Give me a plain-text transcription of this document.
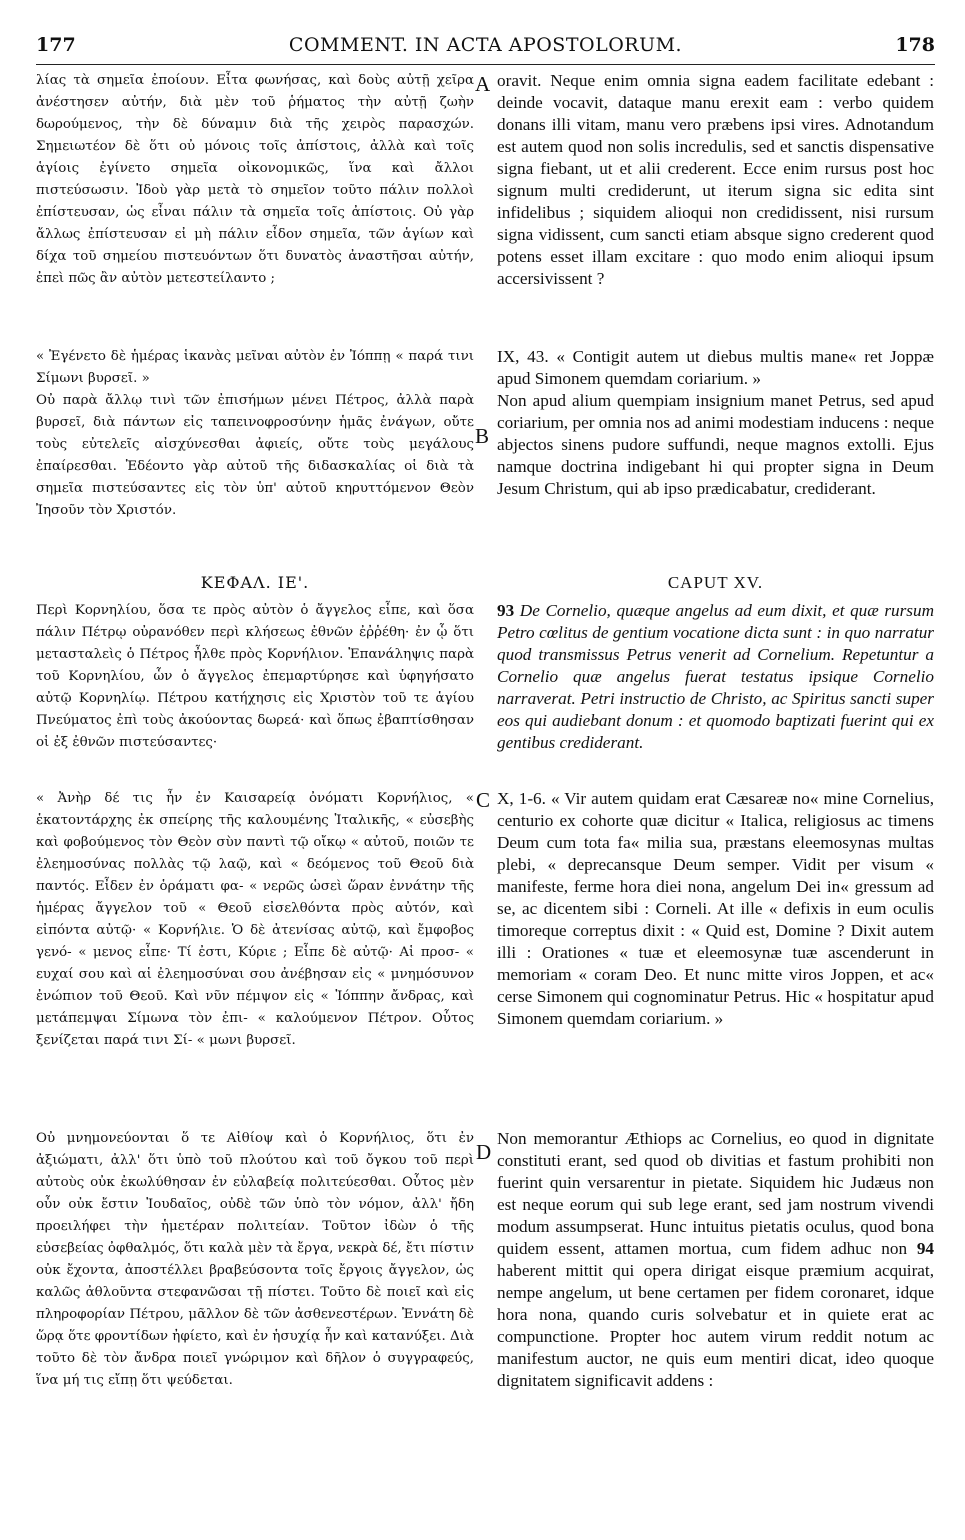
177	COMMENT. IN ACTA APOSTOLORUM.	178
A
B
C
D

λίας τὰ σημεῖα ἐποίουν. Εἶτα φωνήσας, καὶ δοὺς αὐτῇ χεῖρα ἀνέστησεν αὐτήν, διὰ μὲν τοῦ ῥήματος τὴν αὐτῇ ζωὴν δωρούμενος, τὴν δὲ δύναμιν διὰ τῆς χειρὸς παρασχών. Σημειωτέον δὲ ὅτι οὐ μόνοις τοῖς ἀπίστοις, ἀλλὰ καὶ τοῖς ἁγίοις ἐγίνετο σημεῖα οἰκονομικῶς, ἵνα καὶ ἄλλοι πιστεύσωσιν. Ἰδοὺ γὰρ μετὰ τὸ σημεῖον τοῦτο πάλιν πολλοὶ ἐπίστευσαν, ὡς εἶναι πάλιν τὰ σημεῖα τοῖς ἀπίστοις. Οὐ γὰρ ἄλλως ἐπίστευσαν εἰ μὴ πάλιν εἶδον σημεῖα, τῶν ἁγίων καὶ δίχα τοῦ σημείου πιστευόντων ὅτι δυνατὸς ἀναστῆσαι αὐτήν, ἐπεὶ πῶς ἂν αὐτὸν μετεστείλαντο ;

« Ἐγένετο δὲ ἡμέρας ἱκανὰς μεῖναι αὐτὸν ἐν Ἰόππῃ « παρά τινι Σίμωνι βυρσεῖ. »

Οὐ παρὰ ἄλλῳ τινὶ τῶν ἐπισήμων μένει Πέτρος, ἀλλὰ παρὰ βυρσεῖ, διὰ πάντων εἰς ταπεινοφροσύνην ἡμᾶς ἐνάγων, οὔτε τοὺς εὐτελεῖς αἰσχύνεσθαι ἀφιείς, οὔτε τοὺς μεγάλους ἐπαίρεσθαι. Ἐδέοντο γὰρ αὐτοῦ τῆς διδασκαλίας οἱ διὰ τὰ σημεῖα πιστεύσαντες εἰς τὸν ὑπ' αὐτοῦ κηρυττόμενον Θεὸν Ἰησοῦν τὸν Χριστόν.

ΚΕΦΑΛ. ΙΕ'.

Περὶ Κορνηλίου, ὅσα τε πρὸς αὐτὸν ὁ ἄγγελος εἶπε, καὶ ὅσα πάλιν Πέτρῳ οὐρανόθεν περὶ κλήσεως ἐθνῶν ἐῤῥέθη· ἐν ᾧ ὅτι μετασταλεὶς ὁ Πέτρος ἦλθε πρὸς Κορνήλιον. Ἐπανάληψις παρὰ τοῦ Κορνηλίου, ὧν ὁ ἄγγελος ἐπεμαρτύρησε καὶ ὑφηγήσατο αὐτῷ Κορνηλίῳ. Πέτρου κατήχησις εἰς Χριστὸν τοῦ τε ἁγίου Πνεύματος ἐπὶ τοὺς ἀκούοντας δωρεά· καὶ ὅπως ἐβαπτίσθησαν οἱ ἐξ ἐθνῶν πιστεύσαντες·

« Ἀνὴρ δέ τις ἦν ἐν Καισαρείᾳ ὀνόματι Κορνήλιος, « ἑκατοντάρχης ἐκ σπείρης τῆς καλουμένης Ἰταλικῆς, « εὐσεβὴς καὶ φοβούμενος τὸν Θεὸν σὺν παντὶ τῷ οἴκῳ « αὐτοῦ, ποιῶν τε ἐλεημοσύνας πολλὰς τῷ λαῷ, καὶ « δεόμενος τοῦ Θεοῦ διὰ παντός. Εἶδεν ἐν ὁράματι φα- « νερῶς ὡσεὶ ὥραν ἐννάτην τῆς ἡμέρας ἄγγελον τοῦ « Θεοῦ εἰσελθόντα πρὸς αὐτόν, καὶ εἰπόντα αὐτῷ· « Κορνήλιε. Ὁ δὲ ἀτενίσας αὐτῷ, καὶ ἔμφοβος γενό- « μενος εἶπε· Τί ἐστι, Κύριε ; Εἶπε δὲ αὐτῷ· Αἱ προσ- « ευχαί σου καὶ αἱ ἐλεημοσύναι σου ἀνέβησαν εἰς « μνημόσυνον ἐνώπιον τοῦ Θεοῦ. Καὶ νῦν πέμψον εἰς « Ἰόππην ἄνδρας, καὶ μετάπεμψαι Σίμωνα τὸν ἐπι- « καλούμενον Πέτρον. Οὗτος ξενίζεται παρά τινι Σί- « μωνι βυρσεῖ.

Οὐ μνημονεύονται ὅ τε Αἰθίοψ καὶ ὁ Κορνήλιος, ὅτι ἐν ἀξιώματι, ἀλλ' ὅτι ὑπὸ τοῦ πλούτου καὶ τοῦ ὄγκου τοῦ περὶ αὐτοὺς οὐκ ἐκωλύθησαν ἐν εὐλαβείᾳ πολιτεύεσθαι. Οὗτος μὲν οὖν οὐκ ἔστιν Ἰουδαῖος, οὐδὲ τῶν ὑπὸ τὸν νόμον, ἀλλ' ἤδη προειλήφει τὴν ἡμετέραν πολιτείαν. Τοῦτον ἰδὼν ὁ τῆς εὐσεβείας ὀφθαλμός, ὅτι καλὰ μὲν τὰ ἔργα, νεκρὰ δέ, ἔτι πίστιν οὐκ ἔχοντα, ἀποστέλλει βραβεύσοντα τοῖς ἔργοις ἄγγελον, ὡς καλῶς ἀθλοῦντα στεφανῶσαι τῇ πίστει. Τοῦτο δὲ ποιεῖ καὶ εἰς πληροφορίαν Πέτρου, μᾶλλον δὲ τῶν ἀσθενεστέρων. Ἐννάτη δὲ ὥρᾳ ὅτε φροντίδων ἠφίετο, καὶ ἐν ἡσυχίᾳ ἦν καὶ κατανύξει. Διὰ τοῦτο δὲ τὸν ἄνδρα ποιεῖ γνώριμον καὶ δῆλον ὁ συγγραφεύς, ἵνα μή τις εἴπῃ ὅτι ψεύδεται.

oravit. Neque enim omnia signa eadem facilitate edebant : deinde vocavit, dataque manu erexit eam : verbo quidem donans illi vitam, manu vero præbens ipsi vires. Adnotandum est autem quod non solis incredulis, sed et sanctis dispensative signa fiebant, ut et alii crederent. Ecce enim rursus post hoc signum multi crediderunt, ut iterum signa sic edita sint infidelibus ; siquidem alioqui non credidissent, nisi rursum signa vidissent, cum sancti etiam absque signo crederent quod potens esset illam excitare : quo modo enim alioqui ipsum accersivissent ?

IX, 43. « Contigit autem ut diebus multis mane« ret Joppæ apud Simonem quemdam coriarium. »

Non apud alium quempiam insignium manet Petrus, sed apud coriarium, per omnia nos ad animi modestiam inducens : neque abjectos sinens pudore suffundi, neque magnos extolli. Ejus namque doctrina indigebant hi qui propter signa in Deum Jesum Christum, qui ab ipso prædicabatur, crediderant.

CAPUT XV.

93 De Cornelio, quæque angelus ad eum dixit, et quæ rursum Petro cœlitus de gentium vocatione dicta sunt : in quo narratur quod transmissus Petrus venerit ad Cornelium. Repetuntur a Cornelio quæ angelus fuerat testatus ipsique Cornelio narraverat. Petri instructio de Christo, ac Spiritus sancti super eos qui audiebant donum : et quomodo baptizati fuerint qui ex gentibus crediderant.

X, 1-6. « Vir autem quidam erat Cæsareæ no« mine Cornelius, centurio ex cohorte quæ dicitur « Italica, religiosus ac timens Deum cum tota fa« milia sua, præstans eleemosynas multas plebi, « deprecansque Deum semper. Vidit per visum « manifeste, ferme hora diei nona, angelum Dei in« gressum ad se, ac dicentem sibi : Corneli. At ille « defixis in eum oculis timoreque correptus dixit : « Quid est, Domine ? Dixit autem illi : Orationes « tuæ et eleemosynæ tuæ ascenderunt in memoriam « coram Deo. Et nunc mitte viros Joppen, et ac« cerse Simonem qui cognominatur Petrus. Hic « hospitatur apud Simonem quemdam coriarium. »

Non memorantur Æthiops ac Cornelius, eo quod in dignitate constituti erant, sed quod ob divitias et fastum prohibiti non fuerint quin versarentur in pietate. Siquidem hic Judæus non est neque eorum qui sub lege erant, sed jam nostrum vivendi modum assumpserat. Hunc intuitus pietatis oculus, quod bona quidem essent, attamen mortua, cum fidem adhuc non 94 haberent mittit qui opera dirigat eisque præmium acquirat, nempe angelum, ut bene certamen per fidem coronaret, idque hora nona, quando curis solvebatur et in quiete erat ac compunctione. Propter hoc autem virum reddit notum ac manifestum auctor, ne quis eum mentiri dicat, ideo quoque dignitatem significavit addens :
